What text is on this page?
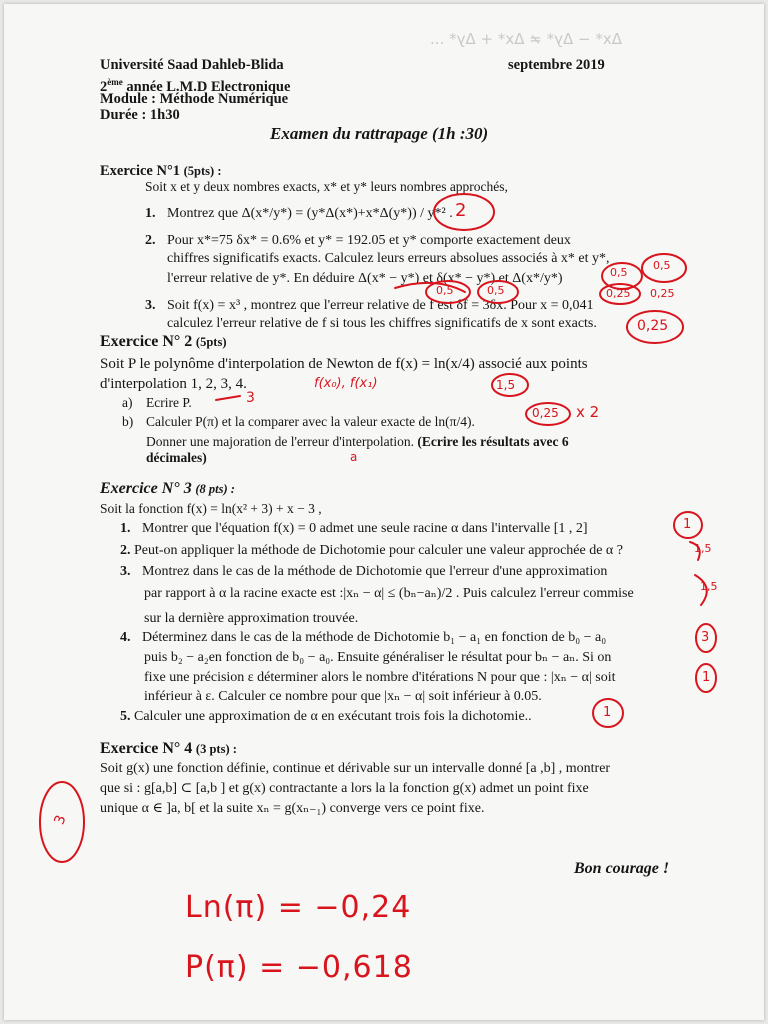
Δx* − Δy* ≠ Δx* + Δy* ...
Université Saad Dahleb-Blida
2ème année L.M.D Electronique
Module : Méthode Numérique
Durée : 1h30
septembre 2019
Examen du rattrapage (1h :30)
Exercice N°1 (5pts) :
Soit x et y deux nombres exacts, x* et y* leurs nombres approchés,
1. Montrez que Δ(x*/y*) = (y*Δ(x*)+x*Δ(y*)) / y*² .
2. Pour x*=75 δx* = 0.6% et y* = 192.05 et y* comporte exactement deux
chiffres significatifs exacts. Calculez leurs erreurs absolues associés à x* et y*,
l'erreur relative de y*. En déduire Δ(x* − y*) et δ(x* − y*) et Δ(x*/y*)
3. Soit f(x) = x³ , montrez que l'erreur relative de f est δf = 3δx. Pour x = 0,041
calculez l'erreur relative de f si tous les chiffres significatifs de x sont exacts.
Exercice N° 2 (5pts)
Soit P le polynôme d'interpolation de Newton de f(x) = ln(x/4) associé aux points
d'interpolation 1, 2, 3, 4.
a) Ecrire P.
b) Calculer P(π) et la comparer avec la valeur exacte de ln(π/4).
Donner une majoration de l'erreur d'interpolation. (Ecrire les résultats avec 6
décimales)
Exercice N° 3 (8 pts) :
Soit la fonction f(x) = ln(x² + 3) + x − 3 ,
1. Montrer que l'équation f(x) = 0 admet une seule racine α dans l'intervalle [1 , 2]
2. Peut-on appliquer la méthode de Dichotomie pour calculer une valeur approchée de α ?
3. Montrez dans le cas de la méthode de Dichotomie que l'erreur d'une approximation
par rapport à α la racine exacte est :|xₙ − α| ≤ (bₙ−aₙ)/2 . Puis calculez l'erreur commise
sur la dernière approximation trouvée.
4. Déterminez dans le cas de la méthode de Dichotomie b₁ − a₁ en fonction de b₀ − a₀
puis b₂ − a₂en fonction de b₀ − a₀. Ensuite généraliser le résultat pour bₙ − aₙ. Si on
fixe une précision ε déterminer alors le nombre d'itérations N pour que : |xₙ − α| soit
inférieur à ε. Calculer ce nombre pour que |xₙ − α| soit inférieur à 0.05.
5. Calculer une approximation de α en exécutant trois fois la dichotomie..
Exercice N° 4 (3 pts) :
Soit g(x) une fonction définie, continue et dérivable sur un intervalle donné [a ,b] , montrer
que si : g[a,b] ⊂ [a,b ] et g(x) contractante a lors la la fonction g(x) admet un point fixe
unique α ∈ ]a, b[ et la suite xₙ = g(xₙ₋₁) converge vers ce point fixe.
Bon courage !
2
0,5	0,5
0,5
0,5
0,25 0,25
0,25
f(x₀), f(x₁)	1,5
3
0,25 x 2
a
1
1,5
1,5
3
1
1
3
Ln(π) = −0,24
P(π) = −0,618
